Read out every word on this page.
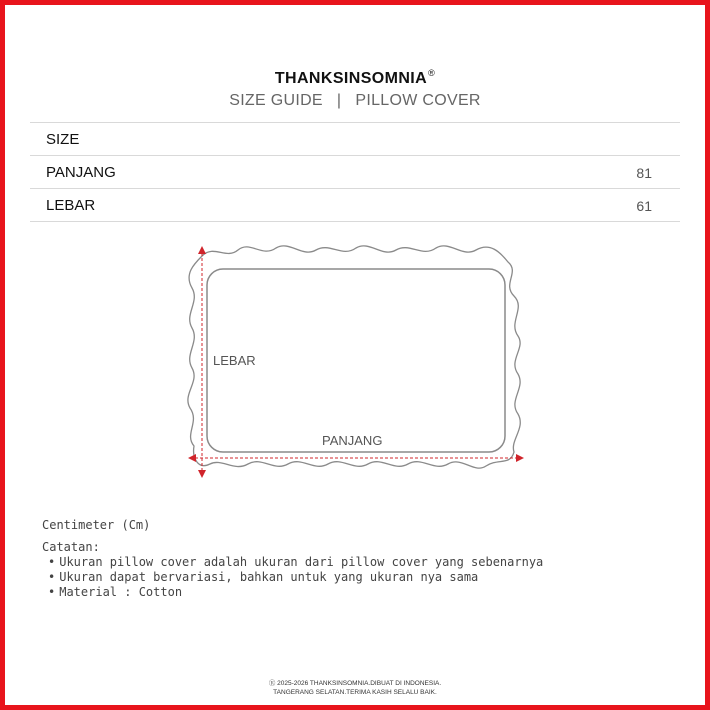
THANKSINSOMNIA®
SIZE GUIDE | PILLOW COVER
SIZE
PANJANG	81
LEBAR	61
LEBAR
PANJANG
Centimeter (Cm)
Catatan:
• Ukuran pillow cover adalah ukuran dari pillow cover yang sebenarnya
• Ukuran dapat bervariasi, bahkan untuk yang ukuran nya sama
• Material : Cotton
Ⓡ 2025-2026 THANKSINSOMNIA.DIBUAT DI INDONESIA.
TANGERANG SELATAN.TERIMA KASIH SELALU BAIK.
